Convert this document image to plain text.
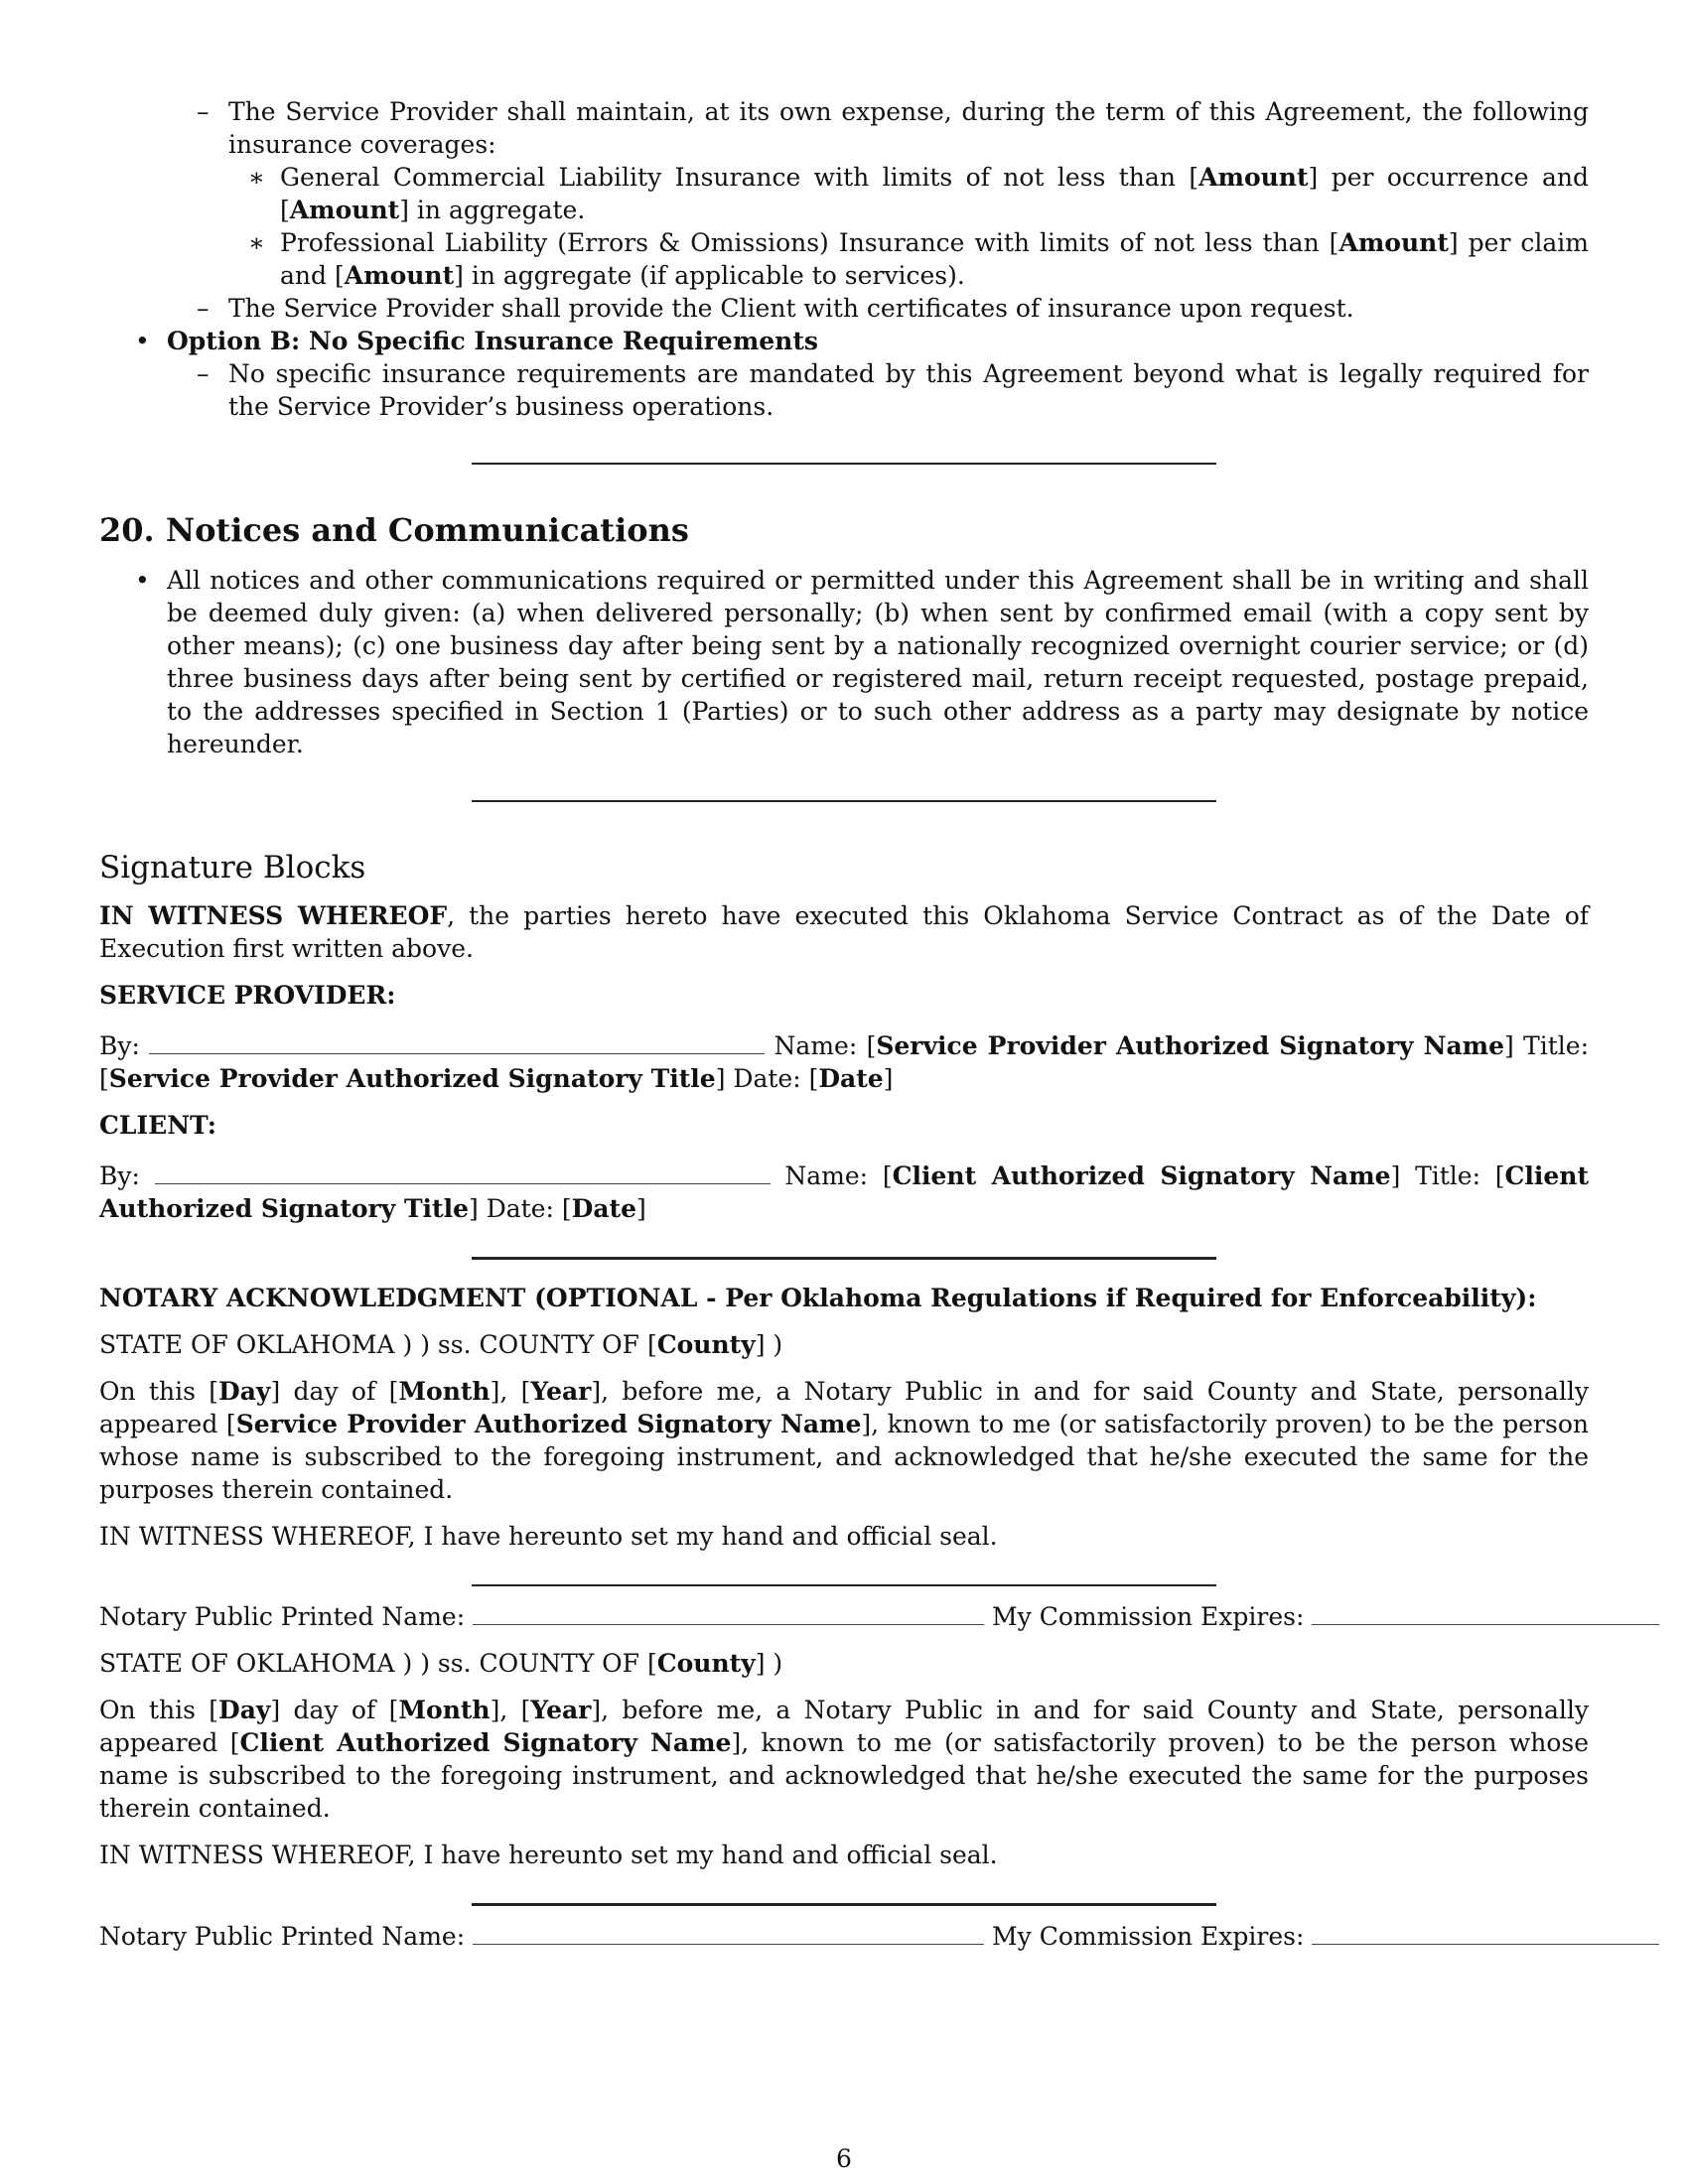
– The Service Provider shall maintain, at its own expense, during the term of this Agreement, the following insurance coverages:
∗ General Commercial Liability Insurance with limits of not less than [Amount] per occurrence and [Amount] in aggregate.
∗ Professional Liability (Errors & Omissions) Insurance with limits of not less than [Amount] per claim and [Amount] in aggregate (if applicable to services).
– The Service Provider shall provide the Client with certificates of insurance upon request.
• Option B: No Specific Insurance Requirements
– No specific insurance requirements are mandated by this Agreement beyond what is legally required for the Service Provider’s business operations.
20. Notices and Communications
• All notices and other communications required or permitted under this Agreement shall be in writing and shall be deemed duly given: (a) when delivered personally; (b) when sent by confirmed email (with a copy sent by other means); (c) one business day after being sent by a nationally recognized overnight courier service; or (d) three business days after being sent by certified or registered mail, return receipt requested, postage prepaid, to the addresses specified in Section 1 (Parties) or to such other address as a party may designate by notice hereunder.
Signature Blocks

IN WITNESS WHEREOF, the parties hereto have executed this Oklahoma Service Contract as of the Date of Execution first written above.

SERVICE PROVIDER:

By:	Name: [Service Provider Authorized Signatory Name] Title: [Service Provider Authorized Signatory Title] Date: [Date]

CLIENT:

By:	Name: [Client Authorized Signatory Name] Title: [Client Authorized Signatory Title] Date: [Date]

NOTARY ACKNOWLEDGMENT (OPTIONAL - Per Oklahoma Regulations if Required for Enforceability):

STATE OF OKLAHOMA ) ) ss. COUNTY OF [County] )

On this [Day] day of [Month], [Year], before me, a Notary Public in and for said County and State, personally appeared [Service Provider Authorized Signatory Name], known to me (or satisfactorily proven) to be the person whose name is subscribed to the foregoing instrument, and acknowledged that he/she executed the same for the purposes therein contained.

IN WITNESS WHEREOF, I have hereunto set my hand and official seal.

Notary Public Printed Name:	My Commission Expires:

STATE OF OKLAHOMA ) ) ss. COUNTY OF [County] )

On this [Day] day of [Month], [Year], before me, a Notary Public in and for said County and State, personally appeared [Client Authorized Signatory Name], known to me (or satisfactorily proven) to be the person whose name is subscribed to the foregoing instrument, and acknowledged that he/she executed the same for the purposes therein contained.

IN WITNESS WHEREOF, I have hereunto set my hand and official seal.

Notary Public Printed Name:	My Commission Expires:

6
